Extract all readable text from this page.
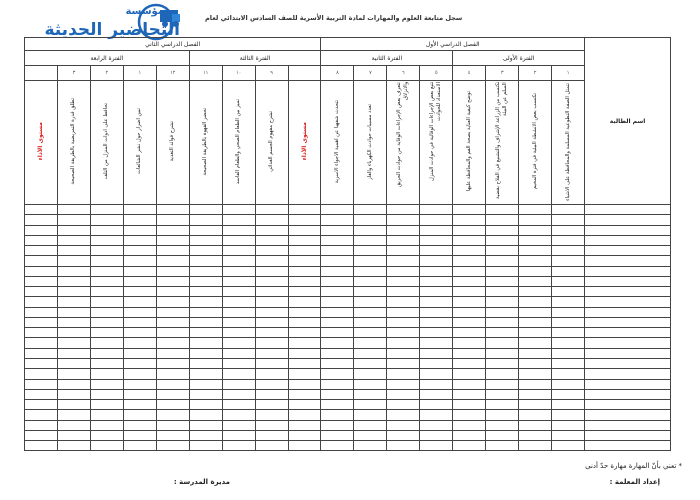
مؤسسة
التحاضير الحديثة
سجل متابعة العلوم والمهارات لمادة التربية الأسرية للصف السادس الابتدائي لعام
اسم الطالبة	الفصل الدراسي الأول								الفصل الدراسي الثاني								
	الفترة الأولى				الفترة الثانية				الفترة الثالثة				الفترة الرابعة				
	١	٢	٣	٤	٥	٦	٧	٨		٩	١٠	١١	١٢	١	٢	٣	
	تتمثل الصفة التطوعية المسلمة والمحافظة على الاشياء	تكتسب بعض الانشطة البيئية في فترة المخيم	تكتسب من الزراعة الإشراف والتشبيع في الفلاح بقضية السلم عن البيئة	توضح كيفية العناية بصحة الفم والمحافظة عليها	تتبع بعض الإجراءات الوقائية في حوادث المنزل الاستعداد للحوادث	تتعرف بعض الإجراءات الوقاية من حوادث الحريق والانزلاق	تعدد مسببات حوادث الكهرباء والغاز	تتحدث شفهيا عن أهمية الأجواء الاسرية	مستوى الأداء	تشرح مفهوم الجسم الغذائي	تميز بين الطعام الصحي والطعام الفاسد	تحضر القهوة بالطريقة الصحيحة	تشرح فوائد التغذية	تبين أضرار حول نشر الشائعات	تحافظ على ادوات المنزل من التلف	تطلق قدرة التمريضية بالطريقة الصحيحة	مستوى الأداء

* تعني بأنّ المهارة مهارة حدّ أدنى
إعداد المعلمة :
مديرة المدرسة :
